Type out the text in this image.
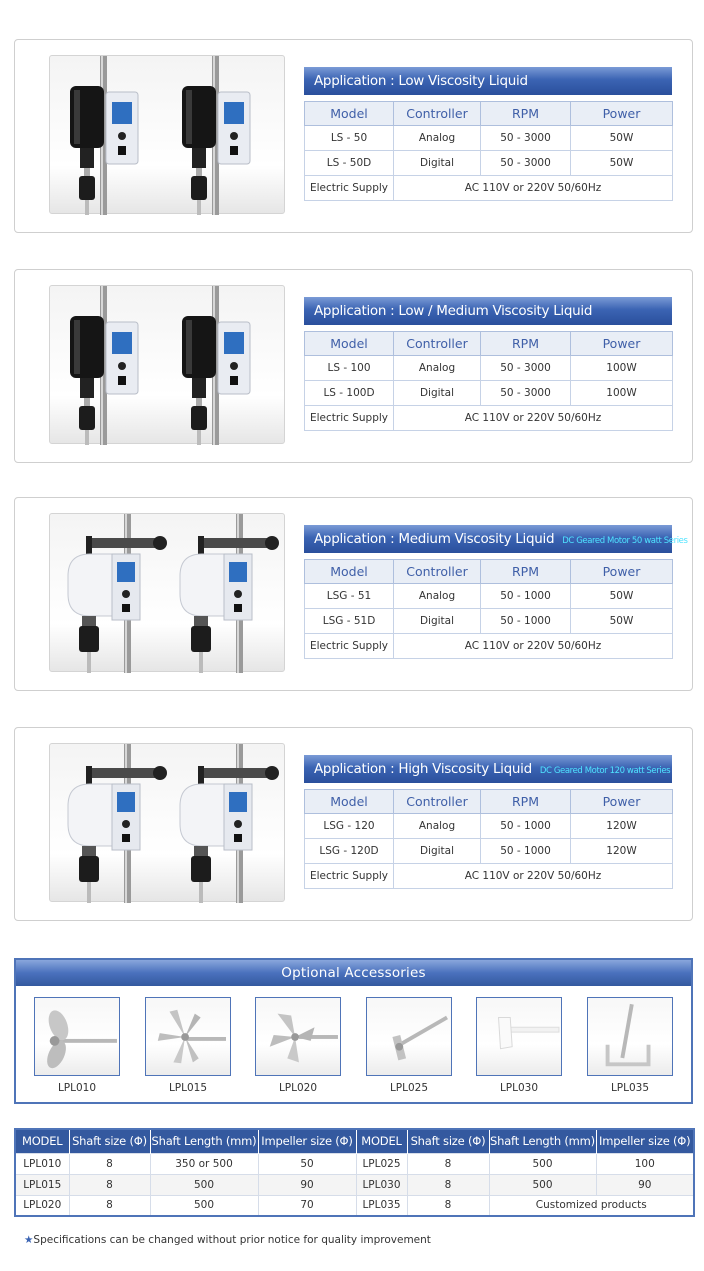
Application : Low Viscosity Liquid
Model	Controller	RPM	Power
LS - 50	Analog	50 - 3000	50W
LS - 50D	Digital	50 - 3000	50W
Electric Supply	AC 110V or 220V 50/60Hz		
Application : Low / Medium Viscosity Liquid
Model	Controller	RPM	Power
LS - 100	Analog	50 - 3000	100W
LS - 100D	Digital	50 - 3000	100W
Electric Supply	AC 110V or 220V 50/60Hz		
Application : Medium Viscosity Liquid DC Geared Motor 50 watt Series
Model	Controller	RPM	Power
LSG - 51	Analog	50 - 1000	50W
LSG - 51D	Digital	50 - 1000	50W
Electric Supply	AC 110V or 220V 50/60Hz		
Application : High Viscosity Liquid DC Geared Motor 120 watt Series
Model	Controller	RPM	Power
LSG - 120	Analog	50 - 1000	120W
LSG - 120D	Digital	50 - 1000	120W
Electric Supply	AC 110V or 220V 50/60Hz		
Optional Accessories
LPL010	LPL015	LPL020	LPL025	LPL030	LPL035
MODEL	Shaft size (Φ)	Shaft Length (mm)	Impeller size (Φ)	MODEL	Shaft size (Φ)	Shaft Length (mm)	Impeller size (Φ)
LPL010	8	350 or 500	50	LPL025	8	500	100
LPL015	8	500	90	LPL030	8	500	90
LPL020	8	500	70	LPL035	8	Customized products	
★Specifications can be changed without prior notice for quality improvement
